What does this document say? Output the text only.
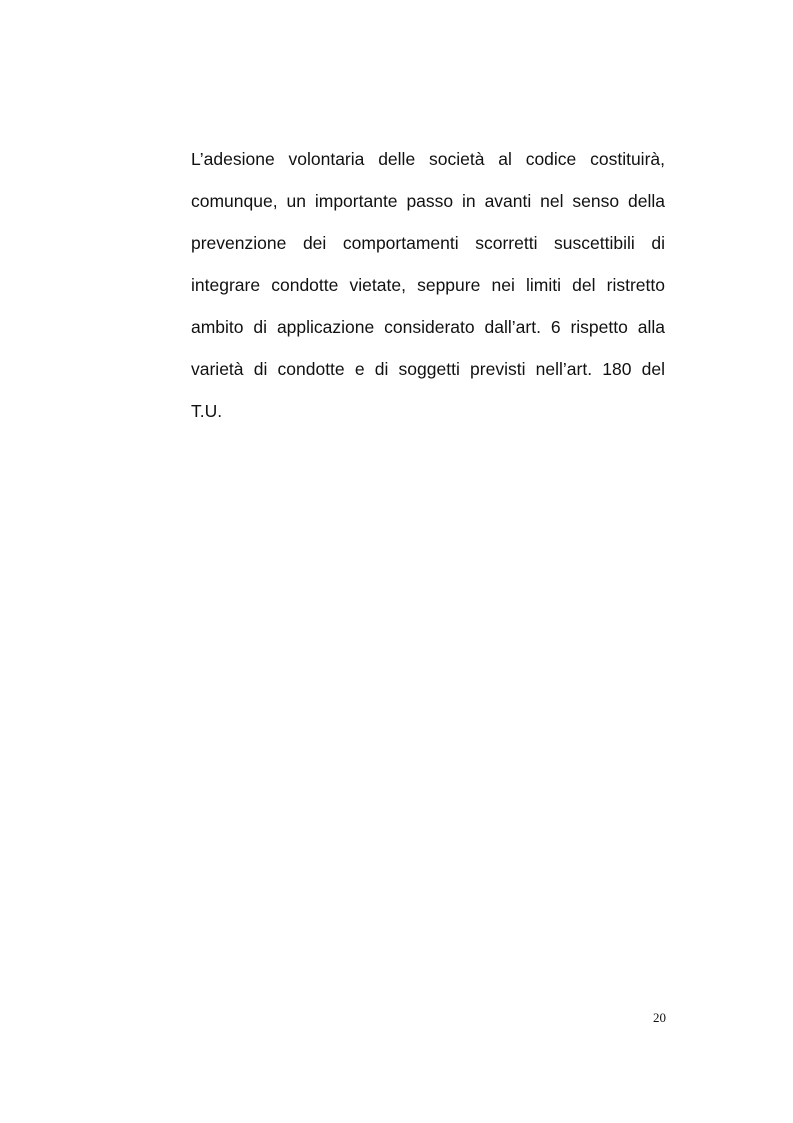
L’adesione volontaria delle società al codice costituirà,
comunque, un importante passo in avanti nel senso della
prevenzione dei comportamenti scorretti suscettibili di
integrare condotte vietate, seppure nei limiti del ristretto
ambito di applicazione considerato dall’art. 6 rispetto alla
varietà di condotte e di soggetti previsti nell’art. 180 del
T.U.
20
